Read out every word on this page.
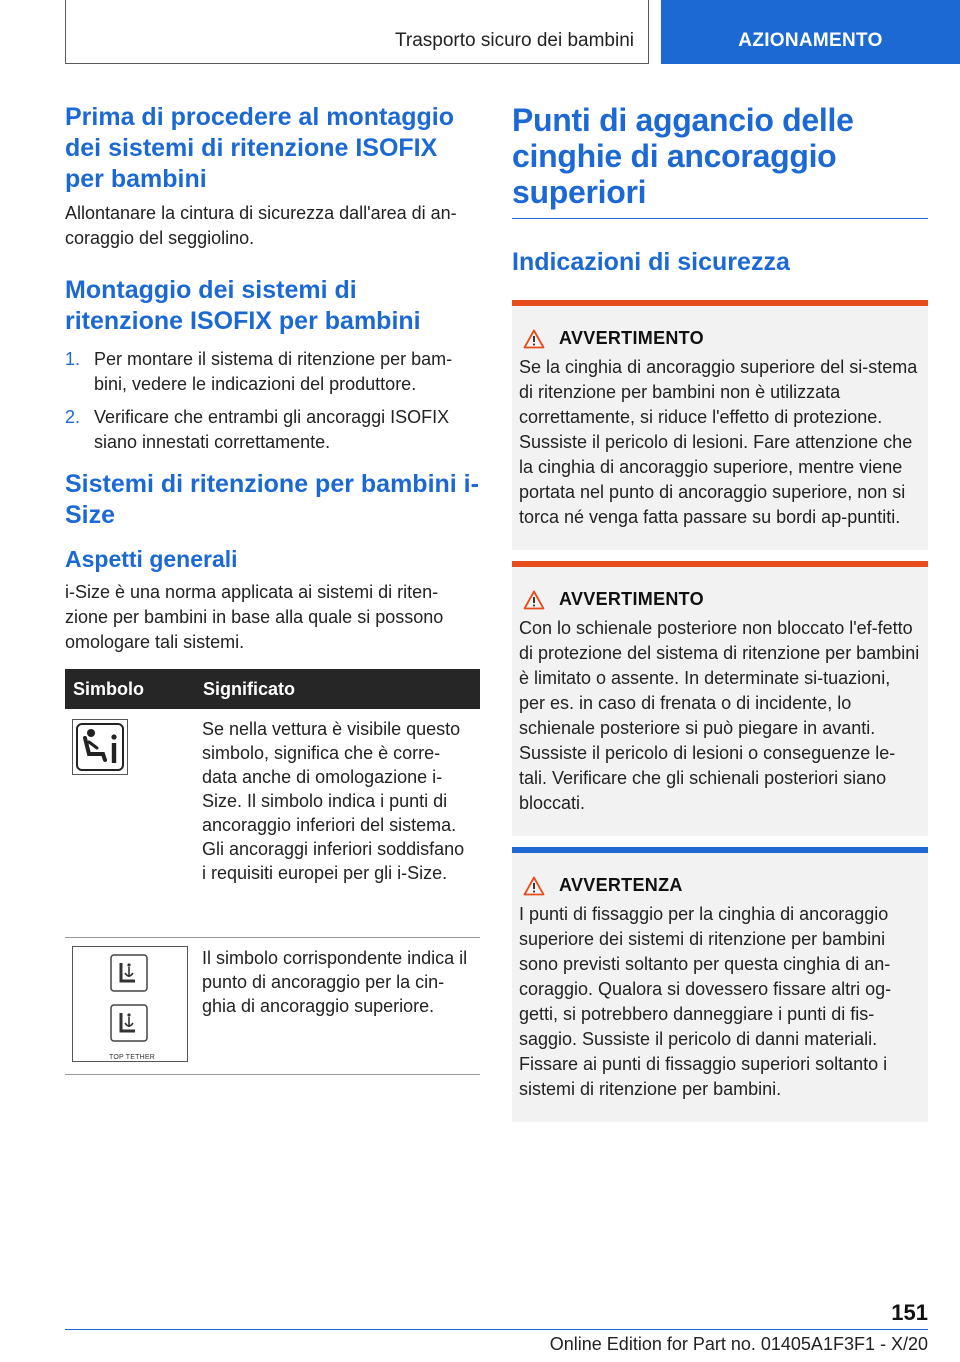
Trasporto sicuro dei bambini	AZIONAMENTO
Prima di procedere al montaggio dei sistemi di ritenzione ISOFIX per bambini

Allontanare la cintura di sicurezza dall'area di an-coraggio del seggiolino.

Montaggio dei sistemi di ritenzione ISOFIX per bambini
1. Per montare il sistema di ritenzione per bam-bini, vedere le indicazioni del produttore.
2. Verificare che entrambi gli ancoraggi ISOFIX siano innestati correttamente.
Sistemi di ritenzione per bambini i-Size
Aspetti generali

i-Size è una norma applicata ai sistemi di riten-zione per bambini in base alla quale si possono omologare tali sistemi.

Simbolo	Significato

	Se nella vettura è visibile questo simbolo, significa che è corre-data anche di omologazione i-Size. Il simbolo indica i punti di ancoraggio inferiori del sistema. Gli ancoraggi inferiori soddisfano i requisiti europei per gli i-Size.

TOP TETHER	Il simbolo corrispondente indica il punto di ancoraggio per la cin-ghia di ancoraggio superiore.
Punti di aggancio delle cinghie di ancoraggio superiori
Indicazioni di sicurezza
AVVERTIMENTO

Se la cinghia di ancoraggio superiore del si-stema di ritenzione per bambini non è utilizzata correttamente, si riduce l'effetto di protezione. Sussiste il pericolo di lesioni. Fare attenzione che la cinghia di ancoraggio superiore, mentre viene portata nel punto di ancoraggio superiore, non si torca né venga fatta passare su bordi ap-puntiti.

AVVERTIMENTO

Con lo schienale posteriore non bloccato l'ef-fetto di protezione del sistema di ritenzione per bambini è limitato o assente. In determinate si-tuazioni, per es. in caso di frenata o di incidente, lo schienale posteriore si può piegare in avanti. Sussiste il pericolo di lesioni o conseguenze le-tali. Verificare che gli schienali posteriori siano bloccati.

AVVERTENZA

I punti di fissaggio per la cinghia di ancoraggio superiore dei sistemi di ritenzione per bambini sono previsti soltanto per questa cinghia di an-coraggio. Qualora si dovessero fissare altri og-getti, si potrebbero danneggiare i punti di fis-saggio. Sussiste il pericolo di danni materiali. Fissare ai punti di fissaggio superiori soltanto i sistemi di ritenzione per bambini.

151
Online Edition for Part no. 01405A1F3F1 - X/20
